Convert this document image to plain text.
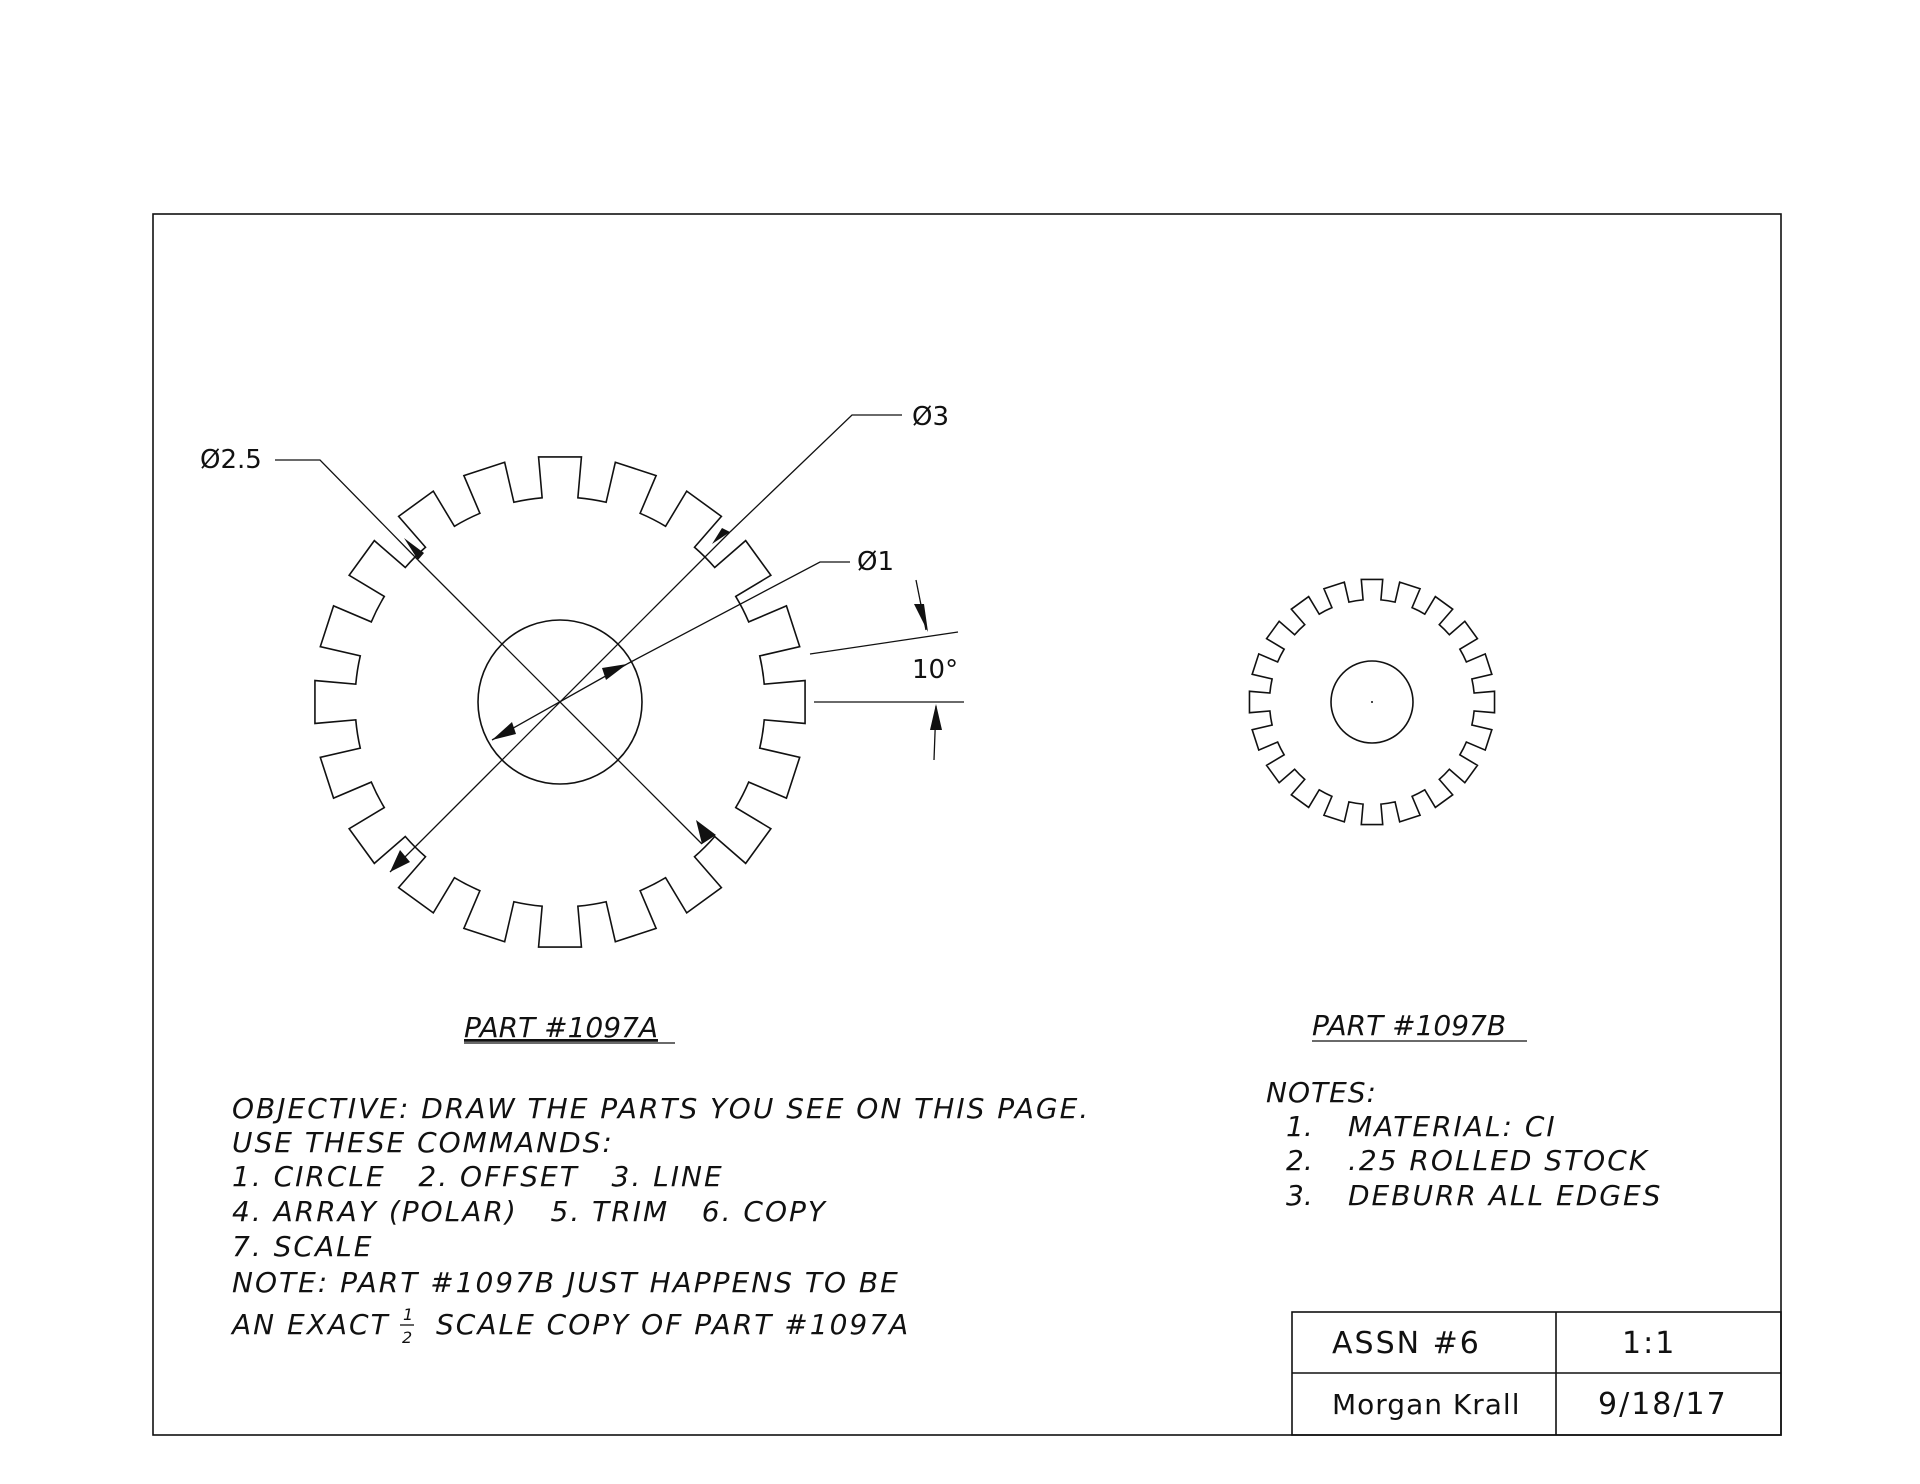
Ø2.5
Ø3
Ø1
10°
PART #1097A	PART #1097B
OBJECTIVE: DRAW THE PARTS YOU SEE ON THIS PAGE.
USE THESE COMMANDS:
1. CIRCLE   2. OFFSET   3. LINE
4. ARRAY (POLAR)   5. TRIM   6. COPY
7. SCALE
NOTE: PART #1097B JUST HAPPENS TO BE
AN EXACT 1
2 SCALE COPY OF PART #1097A
NOTES:
1. MATERIAL: CI
2. .25 ROLLED STOCK
3. DEBURR ALL EDGES
ASSN #6	1:1
Morgan Krall	9/18/17
